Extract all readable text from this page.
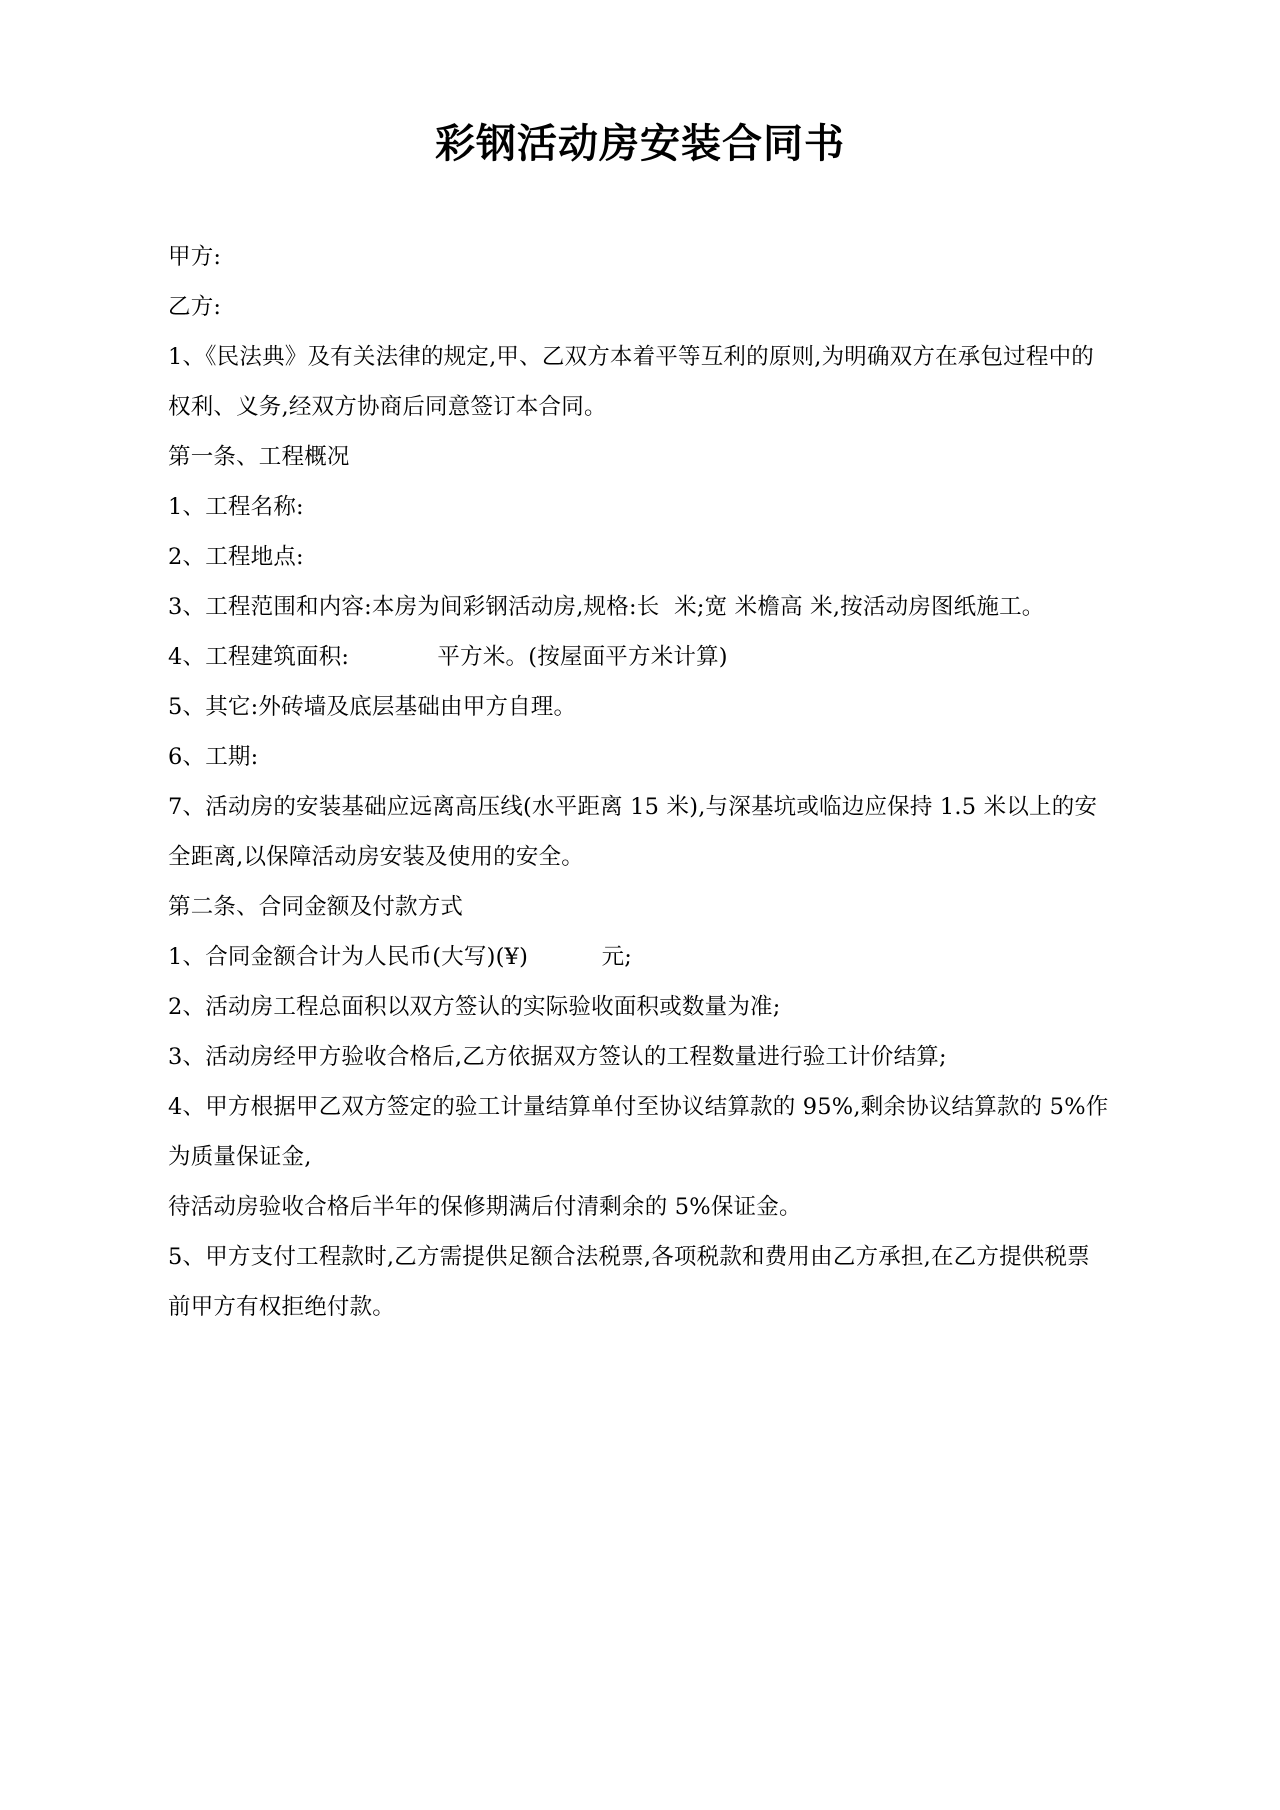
彩钢活动房安装合同书

甲方:

乙方:

1、《民法典》及有关法律的规定,甲、乙双方本着平等互利的原则,为明确双方在承包过程中的权利、义务,经双方协商后同意签订本合同。

第一条、工程概况

1、工程名称:

2、工程地点:

3、工程范围和内容:本房为间彩钢活动房,规格:长  米;宽 米檐高 米,按活动房图纸施工。

4、工程建筑面积:            平方米。(按屋面平方米计算)

5、其它:外砖墙及底层基础由甲方自理。

6、工期:

7、活动房的安装基础应远离高压线(水平距离 15 米),与深基坑或临边应保持 1.5 米以上的安全距离,以保障活动房安装及使用的安全。

第二条、合同金额及付款方式

1、合同金额合计为人民币(大写)(¥)          元;

2、活动房工程总面积以双方签认的实际验收面积或数量为准;

3、活动房经甲方验收合格后,乙方依据双方签认的工程数量进行验工计价结算;

4、甲方根据甲乙双方签定的验工计量结算单付至协议结算款的 95%,剩余协议结算款的 5%作为质量保证金,

待活动房验收合格后半年的保修期满后付清剩余的 5%保证金。

5、甲方支付工程款时,乙方需提供足额合法税票,各项税款和费用由乙方承担,在乙方提供税票前甲方有权拒绝付款。
